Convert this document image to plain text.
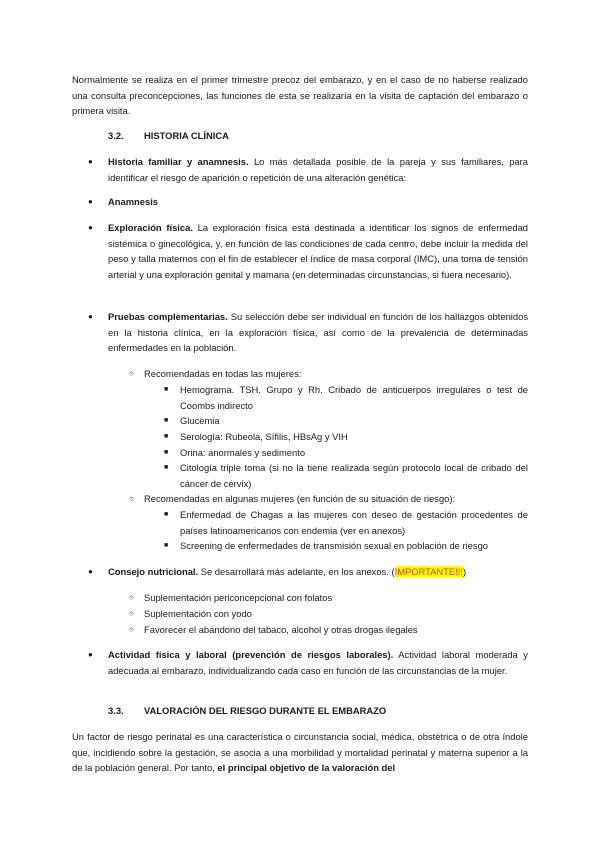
Normalmente se realiza en el primer trimestre precoz del embarazo, y en el caso de no haberse realizado una consulta preconcepciones, las funciones de esta se realizaría en la visita de captación del embarazo o primera visita.
3.2. HISTORIA CLÍNICA
● Historia familiar y anamnesis. Lo más detallada posible de la pareja y sus familiares, para identificar el riesgo de aparición o repetición de una alteración genética:
● Anamnesis
● Exploración física. La exploración física está destinada a identificar los signos de enfermedad sistémica o ginecológica, y, en función de las condiciones de cada centro, debe incluir la medida del peso y talla maternos con el fin de establecer el índice de masa corporal (IMC), una toma de tensión arterial y una exploración genital y mamaria (en determinadas circunstancias, si fuera necesario).
● Pruebas complementarias. Su selección debe ser individual en función de los hallazgos obtenidos en la historia clínica, en la exploración física, así como de la prevalencia de determinadas enfermedades en la población.
○ Recomendadas en todas las mujeres:
■ Hemograma. TSH. Grupo y Rh. Cribado de anticuerpos irregulares o test de Coombs indirecto
■ Glucemia
■ Serología: Rubeola, Sífilis, HBsAg y VIH
■ Orina: anormales y sedimento
■ Citología triple toma (si no la tiene realizada según protocolo local de cribado del cáncer de cérvix)
○ Recomendadas en algunas mujeres (en función de su situación de riesgo):
■ Enfermedad de Chagas a las mujeres con deseo de gestación procedentes de países latinoamericanos con endemia (ver en anexos)
■ Screening de enfermedades de transmisión sexual en población de riesgo
● Consejo nutricional. Se desarrollará más adelante, en los anexos. (IMPORTANTE!!!)
○ Suplementación periconcepcional con folatos
○ Suplementación con yodo
○ Favorecer el abandono del tabaco, alcohol y otras drogas ilegales
● Actividad física y laboral (prevención de riesgos laborales). Actividad laboral moderada y adecuada al embarazo, individualizando cada caso en función de las circunstancias de la mujer.
3.3. VALORACIÓN DEL RIESGO DURANTE EL EMBARAZO
Un factor de riesgo perinatal es una característica o circunstancia social, médica, obstétrica o de otra índole que, incidiendo sobre la gestación, se asocia a una morbilidad y mortalidad perinatal y materna superior a la de la población general. Por tanto, el principal objetivo de la valoración del
